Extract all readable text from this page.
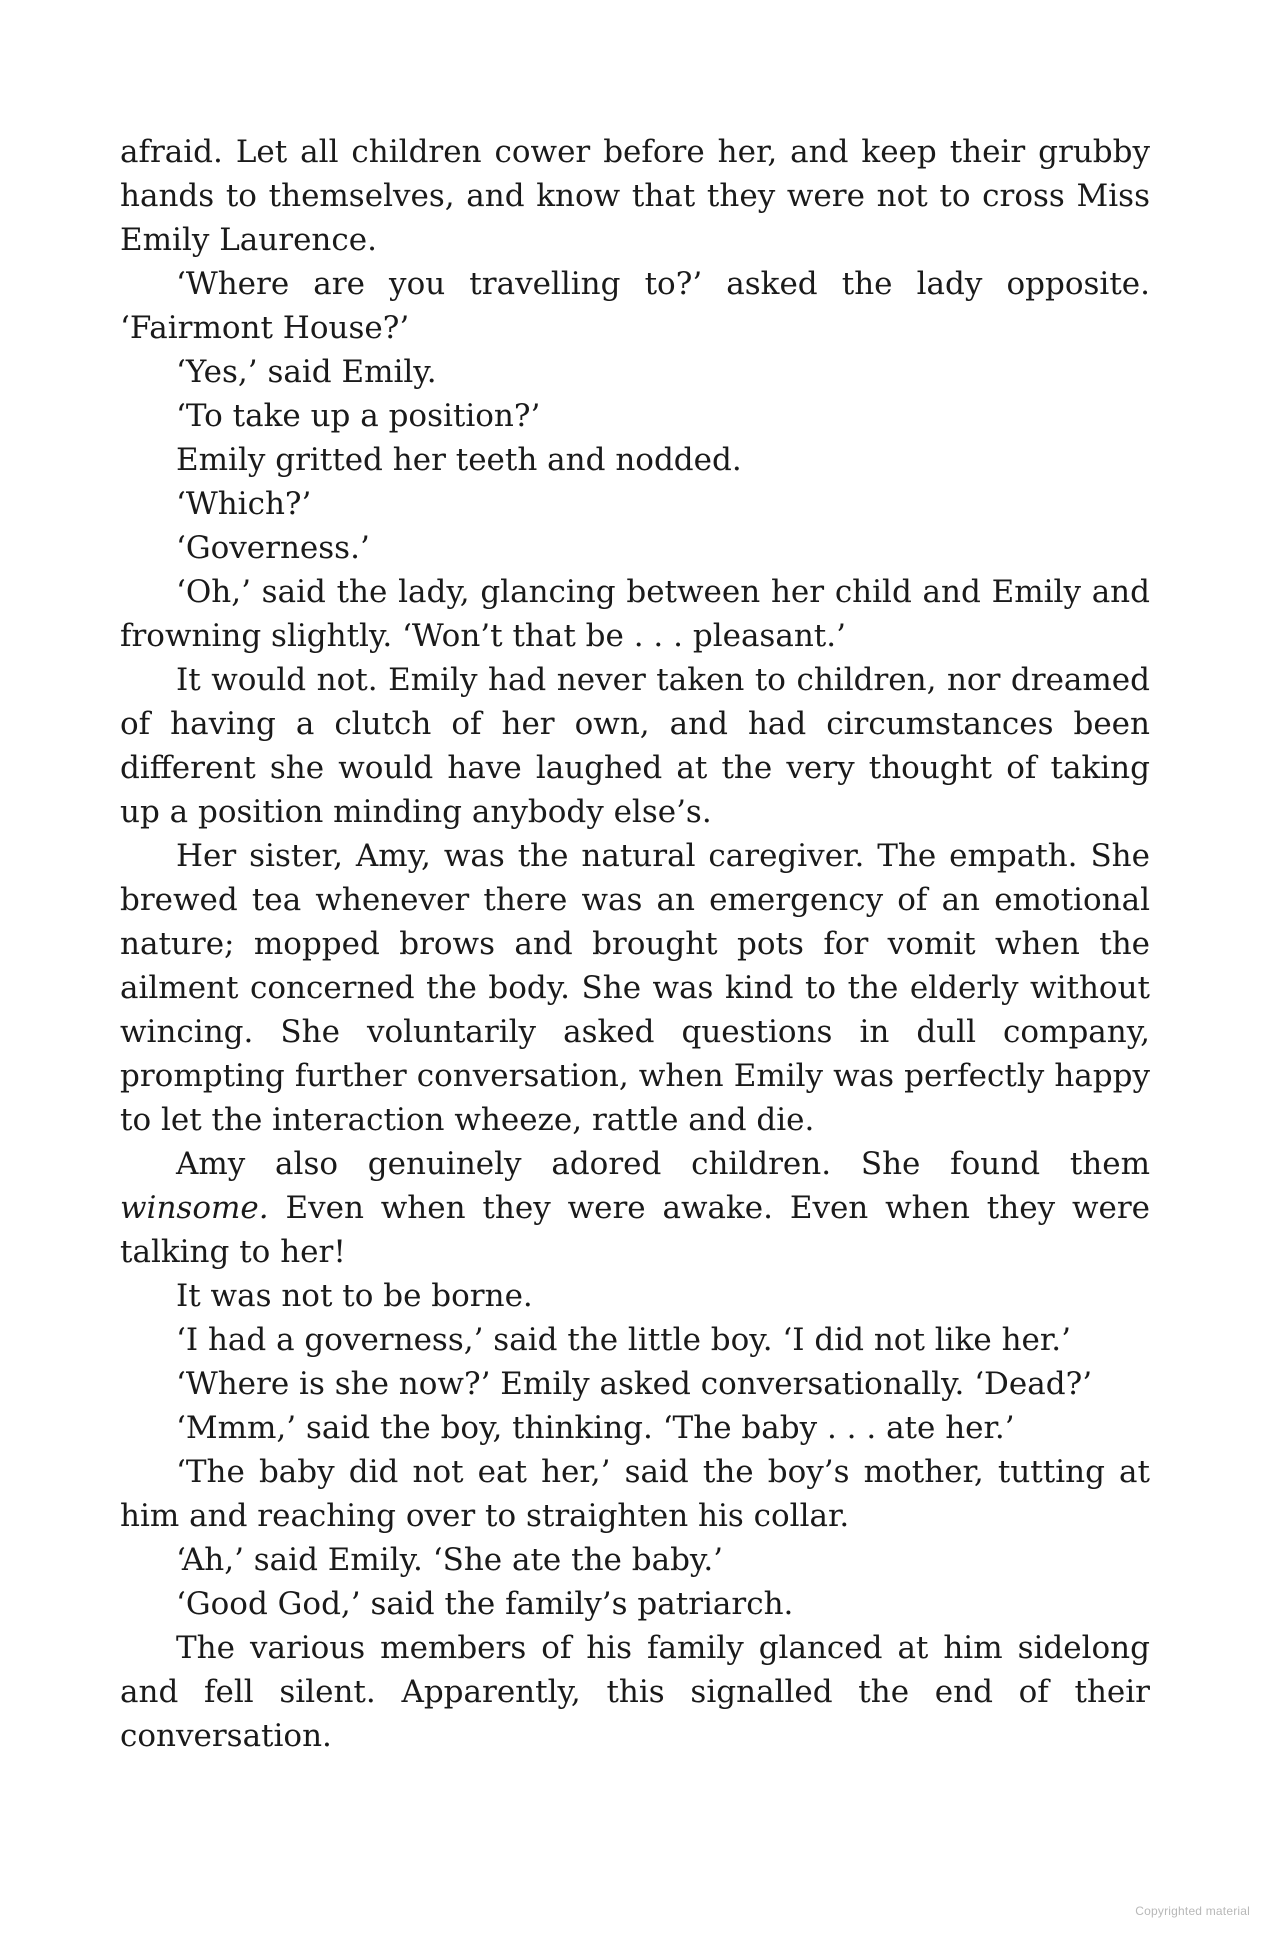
afraid. Let all children cower before her, and keep their grubby hands to themselves, and know that they were not to cross Miss Emily Laurence.

‘Where are you travelling to?’ asked the lady opposite. ‘Fairmont House?’

‘Yes,’ said Emily.

‘To take up a position?’

Emily gritted her teeth and nodded.

‘Which?’

‘Governess.’

‘Oh,’ said the lady, glancing between her child and Emily and frowning slightly. ‘Won’t that be . . . pleasant.’

It would not. Emily had never taken to children, nor dreamed of having a clutch of her own, and had circumstances been different she would have laughed at the very thought of taking up a position minding anybody else’s.

Her sister, Amy, was the natural caregiver. The empath. She brewed tea whenever there was an emergency of an emotional nature; mopped brows and brought pots for vomit when the ailment concerned the body. She was kind to the elderly without wincing. She voluntarily asked questions in dull company, prompting further conversation, when Emily was perfectly happy to let the interaction wheeze, rattle and die.

Amy also genuinely adored children. She found them winsome. Even when they were awake. Even when they were talking to her!

It was not to be borne.

‘I had a governess,’ said the little boy. ‘I did not like her.’

‘Where is she now?’ Emily asked conversationally. ‘Dead?’

‘Mmm,’ said the boy, thinking. ‘The baby . . . ate her.’

‘The baby did not eat her,’ said the boy’s mother, tutting at him and reaching over to straighten his collar.

‘Ah,’ said Emily. ‘She ate the baby.’

‘Good God,’ said the family’s patriarch.

The various members of his family glanced at him sidelong and fell silent. Apparently, this signalled the end of their conversation.

Copyrighted material
